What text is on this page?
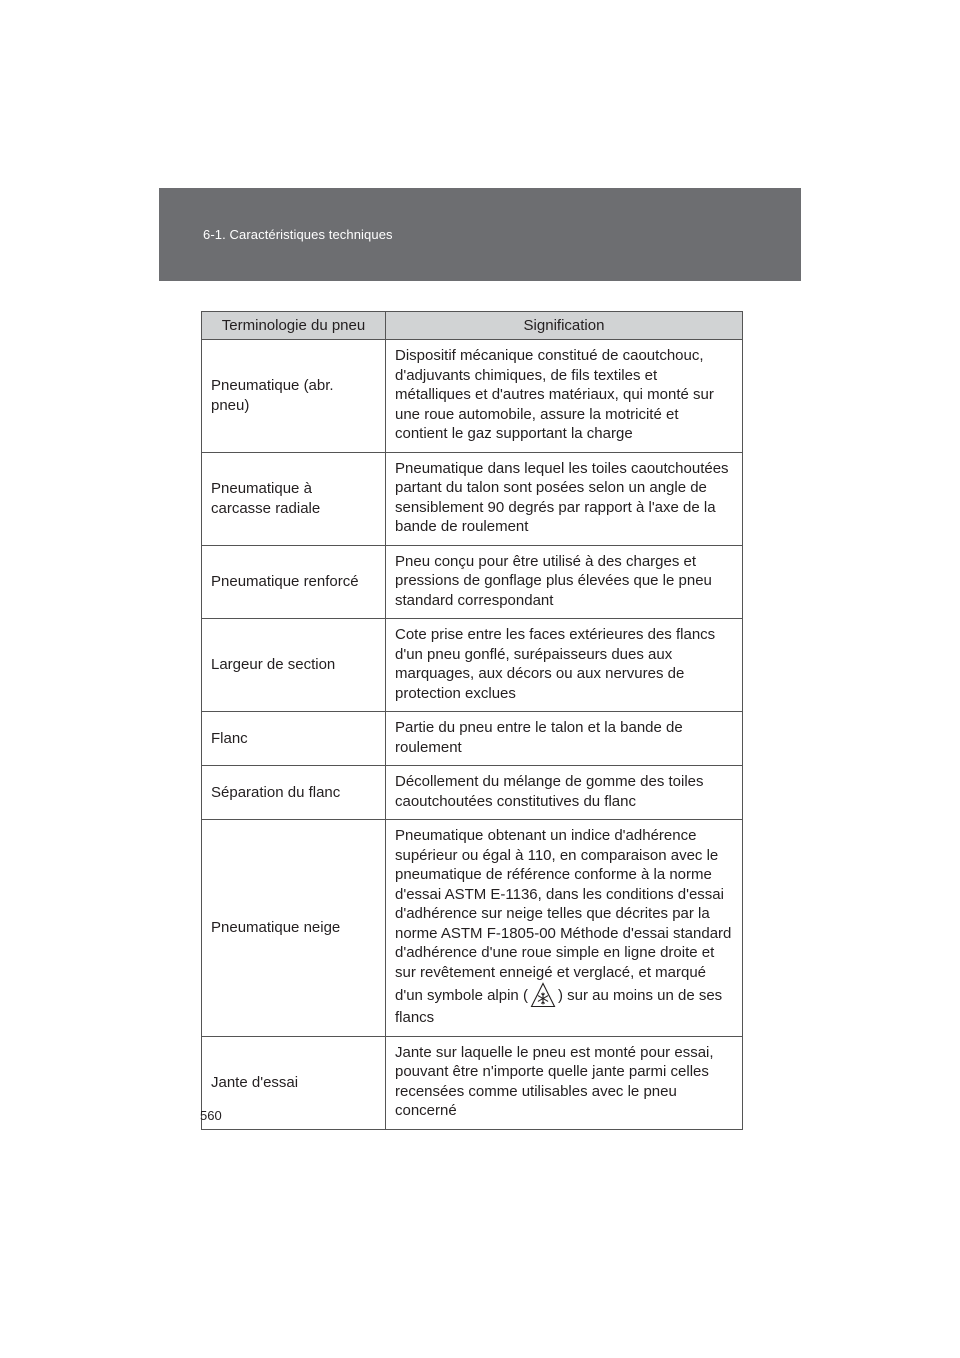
6-1. Caractéristiques techniques
Terminologie du pneu	Signification
Pneumatique (abr. pneu)	Dispositif mécanique constitué de caoutchouc, d'adjuvants chimiques, de fils textiles et métalliques et d'autres matériaux, qui monté sur une roue automobile, assure la motricité et contient le gaz supportant la charge
Pneumatique à carcasse radiale	Pneumatique dans lequel les toiles caoutchoutées partant du talon sont posées selon un angle de sensiblement 90 degrés par rapport à l'axe de la bande de roulement
Pneumatique renforcé	Pneu conçu pour être utilisé à des charges et pressions de gonflage plus élevées que le pneu standard correspondant
Largeur de section	Cote prise entre les faces extérieures des flancs d'un pneu gonflé, surépaisseurs dues aux marquages, aux décors ou aux nervures de protection exclues
Flanc	Partie du pneu entre le talon et la bande de roulement
Séparation du flanc	Décollement du mélange de gomme des toiles caoutchoutées constitutives du flanc
Pneumatique neige	Pneumatique obtenant un indice d'adhérence supérieur ou égal à 110, en comparaison avec le pneumatique de référence conforme à la norme d'essai ASTM E-1136, dans les conditions d'essai d'adhérence sur neige telles que décrites par la norme ASTM F-1805-00 Méthode d'essai standard d'adhérence d'une roue simple en ligne droite et sur revêtement enneigé et verglacé, et marqué d'un symbole alpin ( ) sur au moins un de ses flancs
Jante d'essai	Jante sur laquelle le pneu est monté pour essai, pouvant être n'importe quelle jante parmi celles recensées comme utilisables avec le pneu concerné
560
